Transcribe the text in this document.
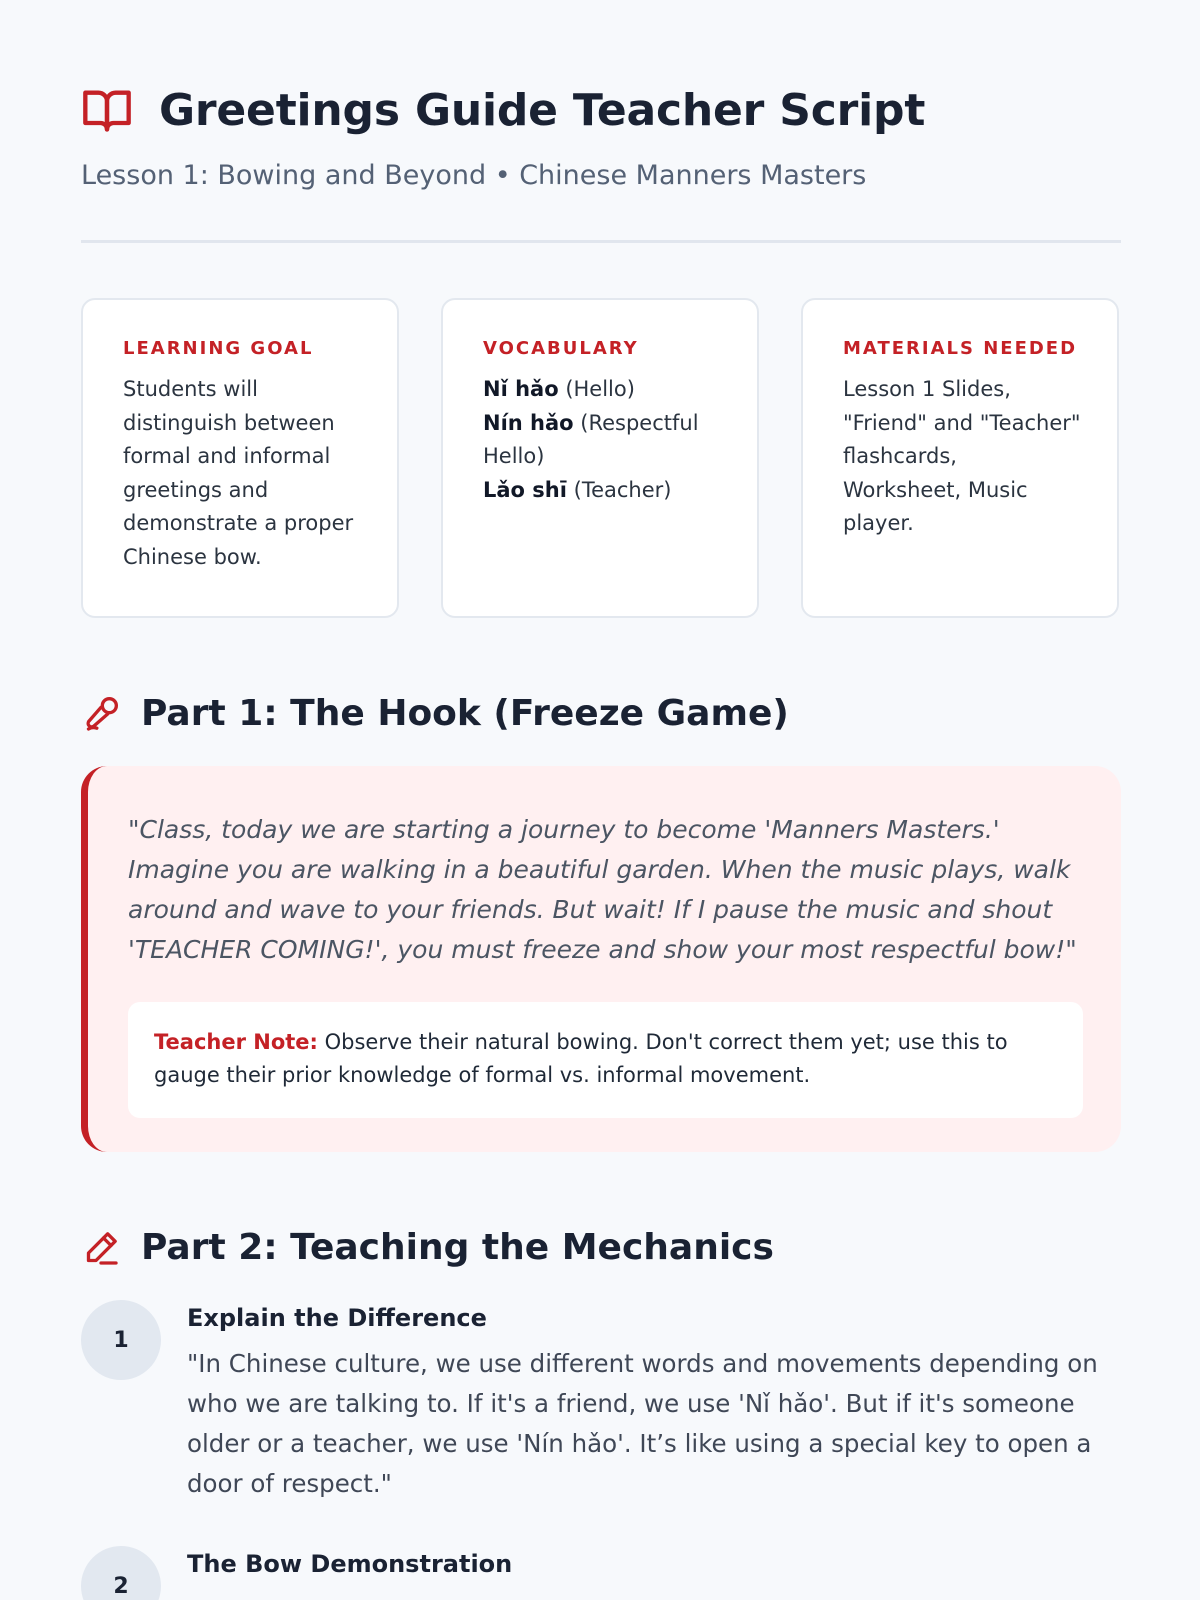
Greetings Guide Teacher Script
Lesson 1: Bowing and Beyond • Chinese Manners Masters
LEARNING GOAL
Students will distinguish between formal and informal greetings and demonstrate a proper Chinese bow.
VOCABULARY
Nǐ hǎo (Hello)
Nín hǎo (Respectful Hello)
Lǎo shī (Teacher)
MATERIALS NEEDED
Lesson 1 Slides, "Friend" and "Teacher" flashcards, Worksheet, Music player.
Part 1: The Hook (Freeze Game)
"Class, today we are starting a journey to become 'Manners Masters.' Imagine you are walking in a beautiful garden. When the music plays, walk around and wave to your friends. But wait! If I pause the music and shout 'TEACHER COMING!', you must freeze and show your most respectful bow!"
Teacher Note: Observe their natural bowing. Don't correct them yet; use this to gauge their prior knowledge of formal vs. informal movement.
Part 2: Teaching the Mechanics
1
Explain the Difference
"In Chinese culture, we use different words and movements depending on who we are talking to. If it's a friend, we use 'Nǐ hǎo'. But if it's someone older or a teacher, we use 'Nín hǎo'. It’s like using a special key to open a door of respect."
2
The Bow Demonstration
